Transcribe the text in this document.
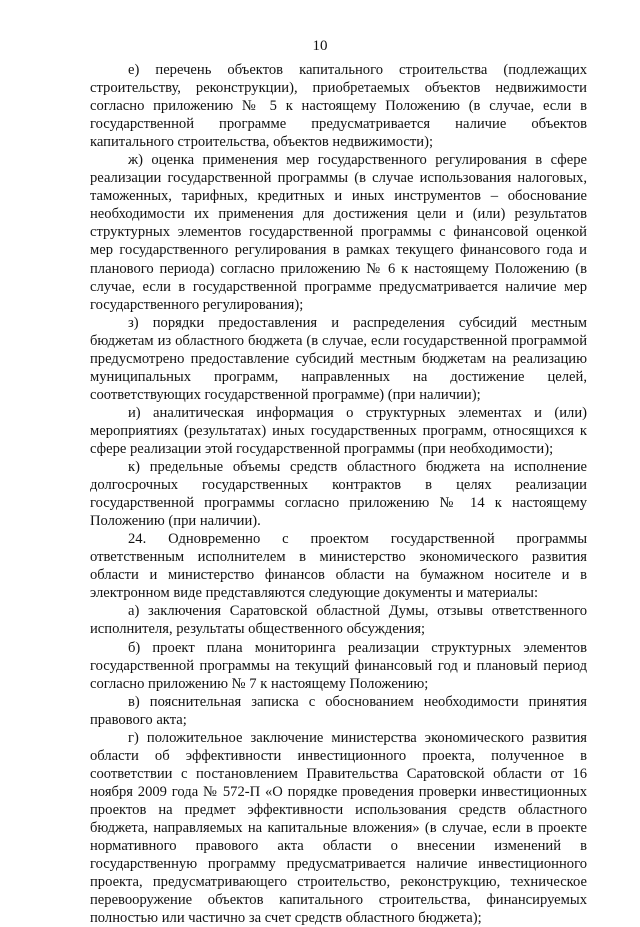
10

е) перечень объектов капитального строительства (подлежащих строительству, реконструкции), приобретаемых объектов недвижимости согласно приложению № 5 к настоящему Положению (в случае, если в государственной программе предусматривается наличие объектов капитального строительства, объектов недвижимости);

ж) оценка применения мер государственного регулирования в сфере реализации государственной программы (в случае использования налоговых, таможенных, тарифных, кредитных и иных инструментов – обоснование необходимости их применения для достижения цели и (или) результатов структурных элементов государственной программы с финансовой оценкой мер государственного регулирования в рамках текущего финансового года и планового периода) согласно приложению № 6 к настоящему Положению (в случае, если в государственной программе предусматривается наличие мер государственного регулирования);

з) порядки предоставления и распределения субсидий местным бюджетам из областного бюджета (в случае, если государственной программой предусмотрено предоставление субсидий местным бюджетам на реализацию муниципальных программ, направленных на достижение целей, соответствующих государственной программе) (при наличии);

и) аналитическая информация о структурных элементах и (или) мероприятиях (результатах) иных государственных программ, относящихся к сфере реализации этой государственной программы (при необходимости);

к) предельные объемы средств областного бюджета на исполнение долгосрочных государственных контрактов в целях реализации государственной программы согласно приложению № 14 к настоящему Положению (при наличии).

24. Одновременно с проектом государственной программы ответственным исполнителем в министерство экономического развития области и министерство финансов области на бумажном носителе и в электронном виде представляются следующие документы и материалы:

а) заключения Саратовской областной Думы, отзывы ответственного исполнителя, результаты общественного обсуждения;

б) проект плана мониторинга реализации структурных элементов государственной программы на текущий финансовый год и плановый период согласно приложению № 7 к настоящему Положению;

в) пояснительная записка с обоснованием необходимости принятия правового акта;

г) положительное заключение министерства экономического развития области об эффективности инвестиционного проекта, полученное в соответствии с постановлением Правительства Саратовской области от 16 ноября 2009 года № 572-П «О порядке проведения проверки инвестиционных проектов на предмет эффективности использования средств областного бюджета, направляемых на капитальные вложения» (в случае, если в проекте нормативного правового акта области о внесении изменений в государственную программу предусматривается наличие инвестиционного проекта, предусматривающего строительство, реконструкцию, техническое перевооружение объектов капитального строительства, финансируемых полностью или частично за счет средств областного бюджета);
